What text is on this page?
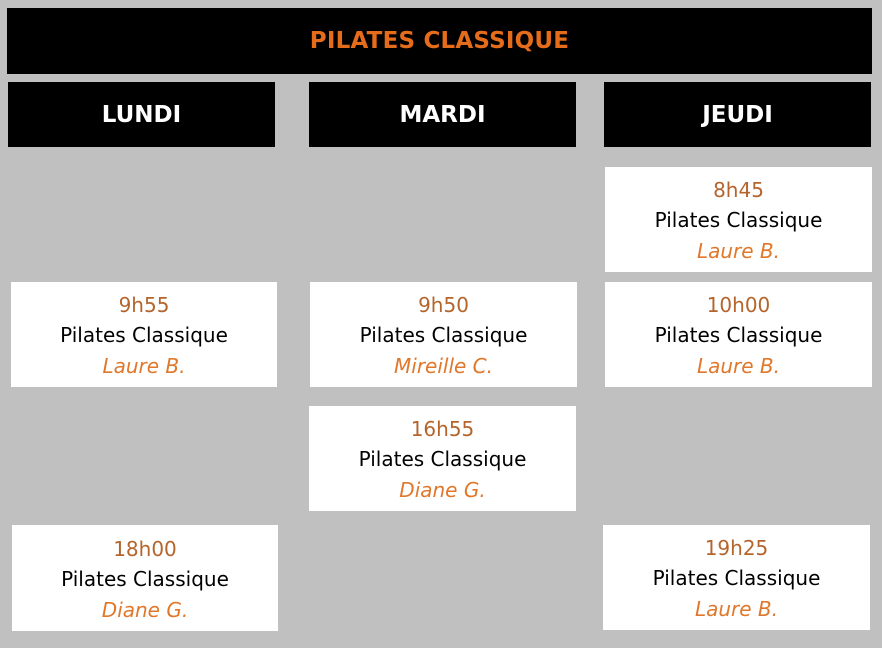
PILATES CLASSIQUE
LUNDI	MARDI	JEUDI
8h45
Pilates Classique
Laure B.
9h55
Pilates Classique
Laure B.
9h50
Pilates Classique
Mireille C.
10h00
Pilates Classique
Laure B.
16h55
Pilates Classique
Diane G.
18h00
Pilates Classique
Diane G.
19h25
Pilates Classique
Laure B.
